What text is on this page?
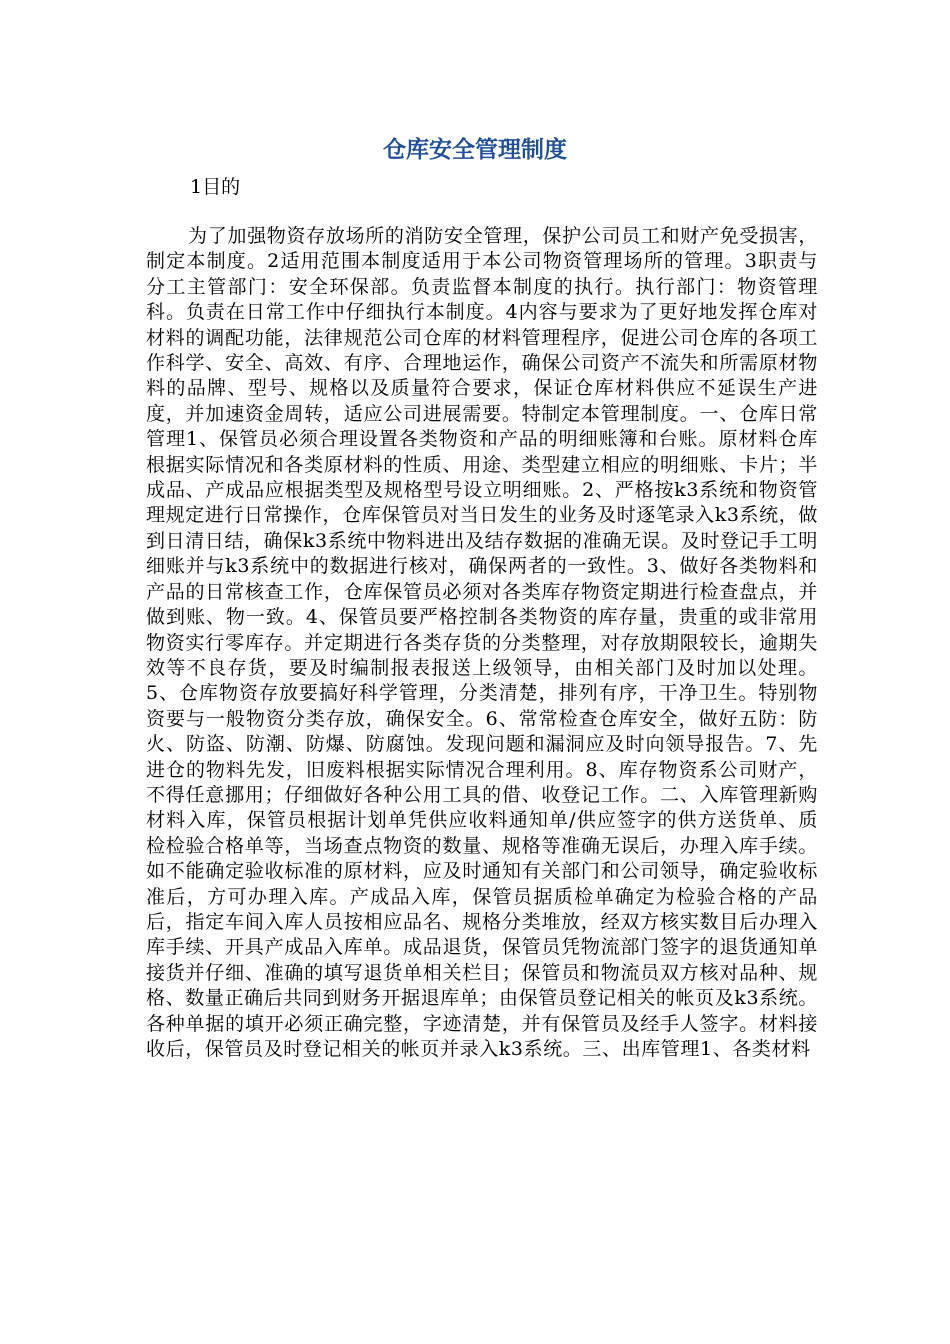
仓库安全管理制度

1目的

为了加强物资存放场所的消防安全管理，保护公司员工和财产免受损害，制定本制度。2适用范围本制度适用于本公司物资管理场所的管理。3职责与分工主管部门：安全环保部。负责监督本制度的执行。执行部门：物资管理科。负责在日常工作中仔细执行本制度。4内容与要求为了更好地发挥仓库对材料的调配功能，法律规范公司仓库的材料管理程序，促进公司仓库的各项工作科学、安全、高效、有序、合理地运作，确保公司资产不流失和所需原材物料的品牌、型号、规格以及质量符合要求，保证仓库材料供应不延误生产进度，并加速资金周转，适应公司进展需要。特制定本管理制度。一、仓库日常管理1、保管员必须合理设置各类物资和产品的明细账簿和台账。原材料仓库根据实际情况和各类原材料的性质、用途、类型建立相应的明细账、卡片；半成品、产成品应根据类型及规格型号设立明细账。2、严格按k3系统和物资管理规定进行日常操作，仓库保管员对当日发生的业务及时逐笔录入k3系统，做到日清日结，确保k3系统中物料进出及结存数据的准确无误。及时登记手工明细账并与k3系统中的数据进行核对，确保两者的一致性。3、做好各类物料和产品的日常核查工作，仓库保管员必须对各类库存物资定期进行检查盘点，并做到账、物一致。4、保管员要严格控制各类物资的库存量，贵重的或非常用物资实行零库存。并定期进行各类存货的分类整理，对存放期限较长，逾期失效等不良存货，要及时编制报表报送上级领导，由相关部门及时加以处理。5、仓库物资存放要搞好科学管理，分类清楚，排列有序，干净卫生。特别物资要与一般物资分类存放，确保安全。6、常常检查仓库安全，做好五防：防火、防盗、防潮、防爆、防腐蚀。发现问题和漏洞应及时向领导报告。7、先进仓的物料先发，旧废料根据实际情况合理利用。8、库存物资系公司财产，不得任意挪用；仔细做好各种公用工具的借、收登记工作。二、入库管理新购材料入库，保管员根据计划单凭供应收料通知单/供应签字的供方送货单、质检检验合格单等，当场查点物资的数量、规格等准确无误后，办理入库手续。如不能确定验收标准的原材料，应及时通知有关部门和公司领导，确定验收标准后，方可办理入库。产成品入库，保管员据质检单确定为检验合格的产品后，指定车间入库人员按相应品名、规格分类堆放，经双方核实数目后办理入库手续、开具产成品入库单。成品退货，保管员凭物流部门签字的退货通知单接货并仔细、准确的填写退货单相关栏目；保管员和物流员双方核对品种、规格、数量正确后共同到财务开据退库单；由保管员登记相关的帐页及k3系统。各种单据的填开必须正确完整，字迹清楚，并有保管员及经手人签字。材料接收后，保管员及时登记相关的帐页并录入k3系统。三、出库管理1、各类材料
